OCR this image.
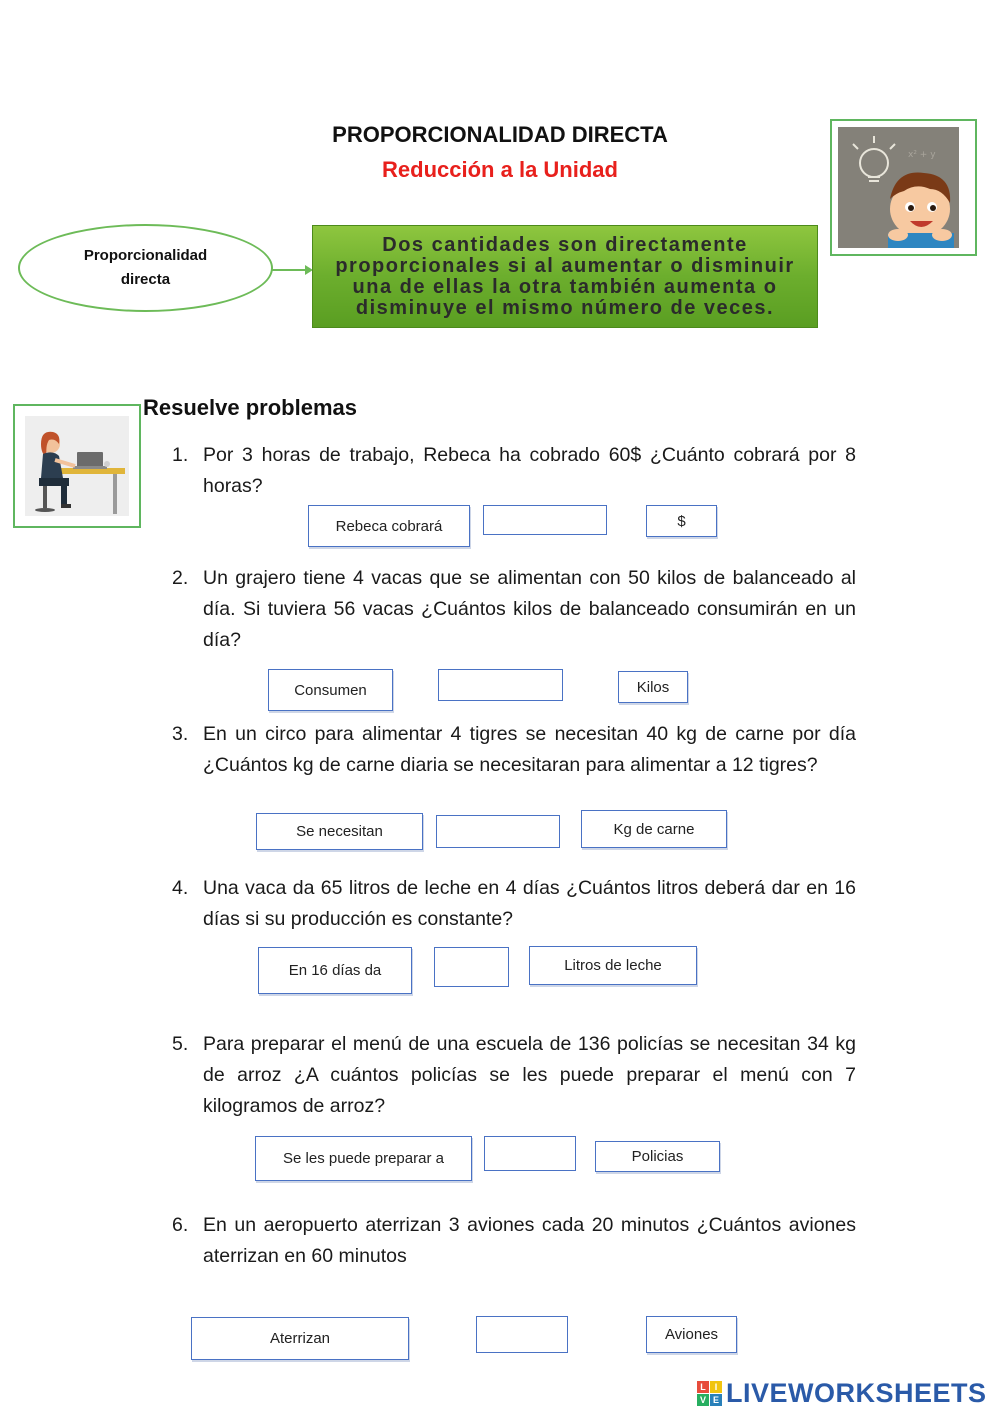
PROPORCIONALIDAD DIRECTA
Reducción a la Unidad
x² + y
Proporcionalidad directa
Dos cantidades son directamente proporcionales si al aumentar o disminuir una de ellas la otra también aumenta o disminuye el mismo número de veces.
Resuelve problemas
1. Por 3 horas de trabajo, Rebeca ha cobrado 60$ ¿Cuánto cobrará por 8 horas?
Rebeca cobrará	$
2. Un grajero tiene 4 vacas que se alimentan con 50 kilos de balanceado al día. Si tuviera 56 vacas ¿Cuántos kilos de balanceado consumirán en un día?
Consumen	Kilos
3. En un circo para alimentar 4 tigres se necesitan 40 kg de carne por día ¿Cuántos kg de carne diaria se necesitaran para alimentar a 12 tigres?
Se necesitan	Kg de carne
4. Una vaca da 65 litros de leche en 4 días ¿Cuántos litros deberá dar en 16 días si su producción es constante?
En 16 días da	Litros de leche
5. Para preparar el menú de una escuela de 136 policías se necesitan 34 kg de arroz ¿A cuántos policías se les puede preparar el menú con 7 kilogramos de arroz?
Se les puede preparar a	Policias
6. En un aeropuerto aterrizan 3 aviones cada 20 minutos ¿Cuántos aviones aterrizan en 60 minutos
Aterrizan	Aviones
L I
V E LIVEWORKSHEETS
